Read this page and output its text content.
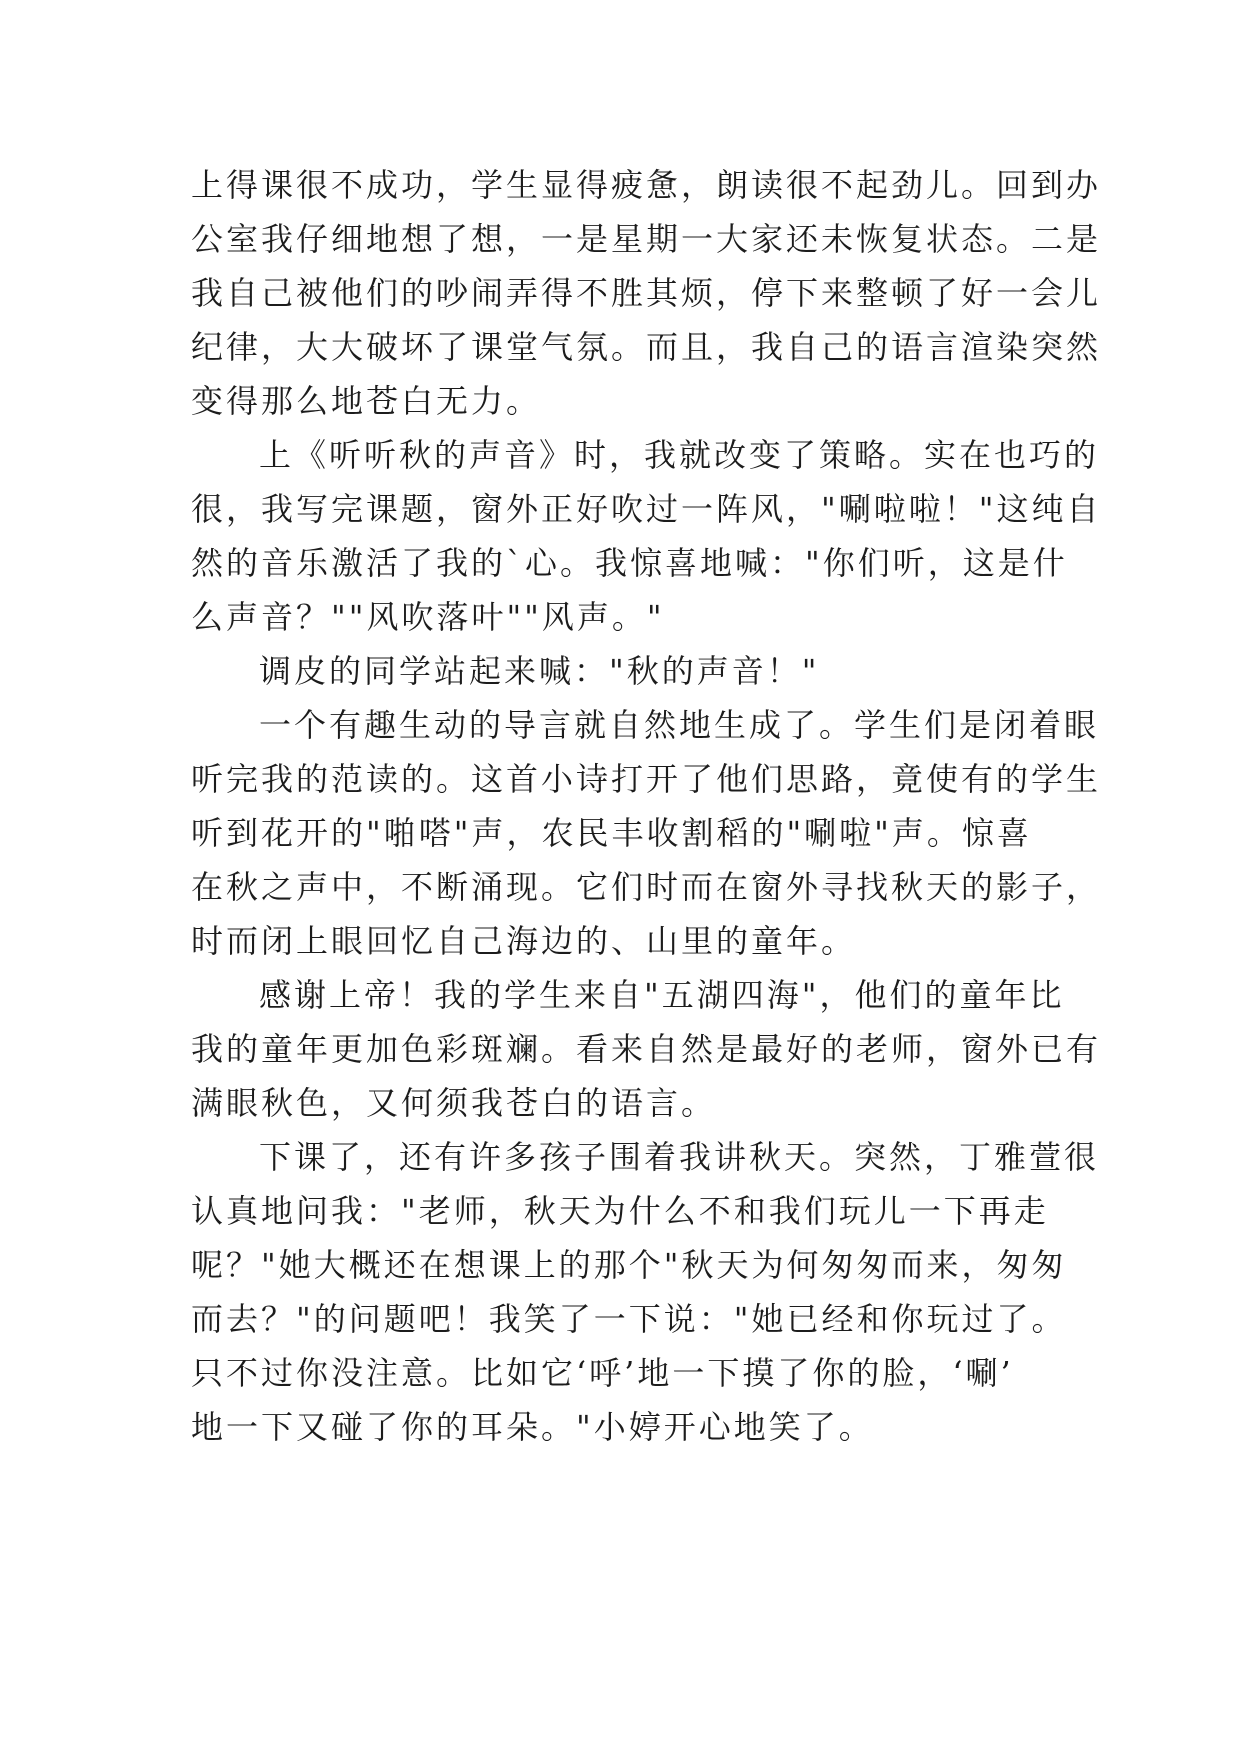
上得课很不成功，学生显得疲惫，朗读很不起劲儿。回到办
公室我仔细地想了想，一是星期一大家还未恢复状态。二是
我自己被他们的吵闹弄得不胜其烦，停下来整顿了好一会儿
纪律，大大破坏了课堂气氛。而且，我自己的语言渲染突然
变得那么地苍白无力。
上《听听秋的声音》时，我就改变了策略。实在也巧的
很，我写完课题，窗外正好吹过一阵风，"唰啦啦！"这纯自
然的音乐激活了我的`心。我惊喜地喊："你们听，这是什
么声音？""风吹落叶""风声。"
调皮的同学站起来喊："秋的声音！"
一个有趣生动的导言就自然地生成了。学生们是闭着眼
听完我的范读的。这首小诗打开了他们思路，竟使有的学生
听到花开的"啪嗒"声，农民丰收割稻的"唰啦"声。惊喜
在秋之声中，不断涌现。它们时而在窗外寻找秋天的影子，
时而闭上眼回忆自己海边的、山里的童年。
感谢上帝！我的学生来自"五湖四海"，他们的童年比
我的童年更加色彩斑斓。看来自然是最好的老师，窗外已有
满眼秋色，又何须我苍白的语言。
下课了，还有许多孩子围着我讲秋天。突然，丁雅萱很
认真地问我："老师，秋天为什么不和我们玩儿一下再走
呢？"她大概还在想课上的那个"秋天为何匆匆而来，匆匆
而去？"的问题吧！我笑了一下说："她已经和你玩过了。
只不过你没注意。比如它‘呼’地一下摸了你的脸，‘唰’
地一下又碰了你的耳朵。"小婷开心地笑了。
